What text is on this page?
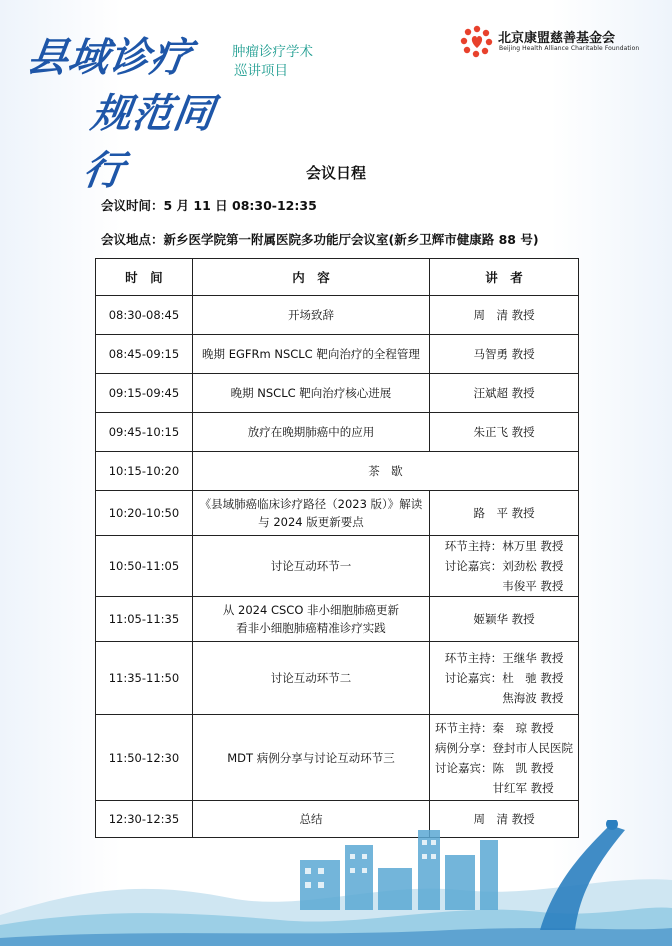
县域诊疗
规范同行
肿瘤诊疗学术
巡讲项目
北京康盟慈善基金会
Beijing Health Alliance Charitable Foundation
会议日程
会议时间：5 月 11 日 08:30-12:35
会议地点：新乡医学院第一附属医院多功能厅会议室(新乡卫辉市健康路 88 号)
时　间	内　容	讲　者
08:30-08:45	开场致辞	周　清 教授

08:45-09:15	晚期 EGFRm NSCLC 靶向治疗的全程管理	马智勇 教授

09:15-09:45	晚期 NSCLC 靶向治疗核心进展	汪斌超 教授

09:45-10:15	放疗在晚期肺癌中的应用	朱正飞 教授

10:15-10:20	茶　歇	

10:20-10:50	《县域肺癌临床诊疗路径（2023 版）》解读
与 2024 版更新要点	路　平 教授

10:50-11:05	讨论互动环节一	环节主持：林万里 教授
讨论嘉宾：刘劲松 教授
　　　　　韦俊平 教授

11:05-11:35	从 2024 CSCO 非小细胞肺癌更新
看非小细胞肺癌精准诊疗实践	姬颖华 教授

11:35-11:50	讨论互动环节二	环节主持：王继华 教授
讨论嘉宾：杜　驰 教授
　　　　　焦海波 教授

11:50-12:30	MDT 病例分享与讨论互动环节三	环节主持：秦　琼 教授
病例分享：登封市人民医院
讨论嘉宾：陈　凯 教授
　　　　　甘红军 教授

12:30-12:35	总结	周　清 教授
